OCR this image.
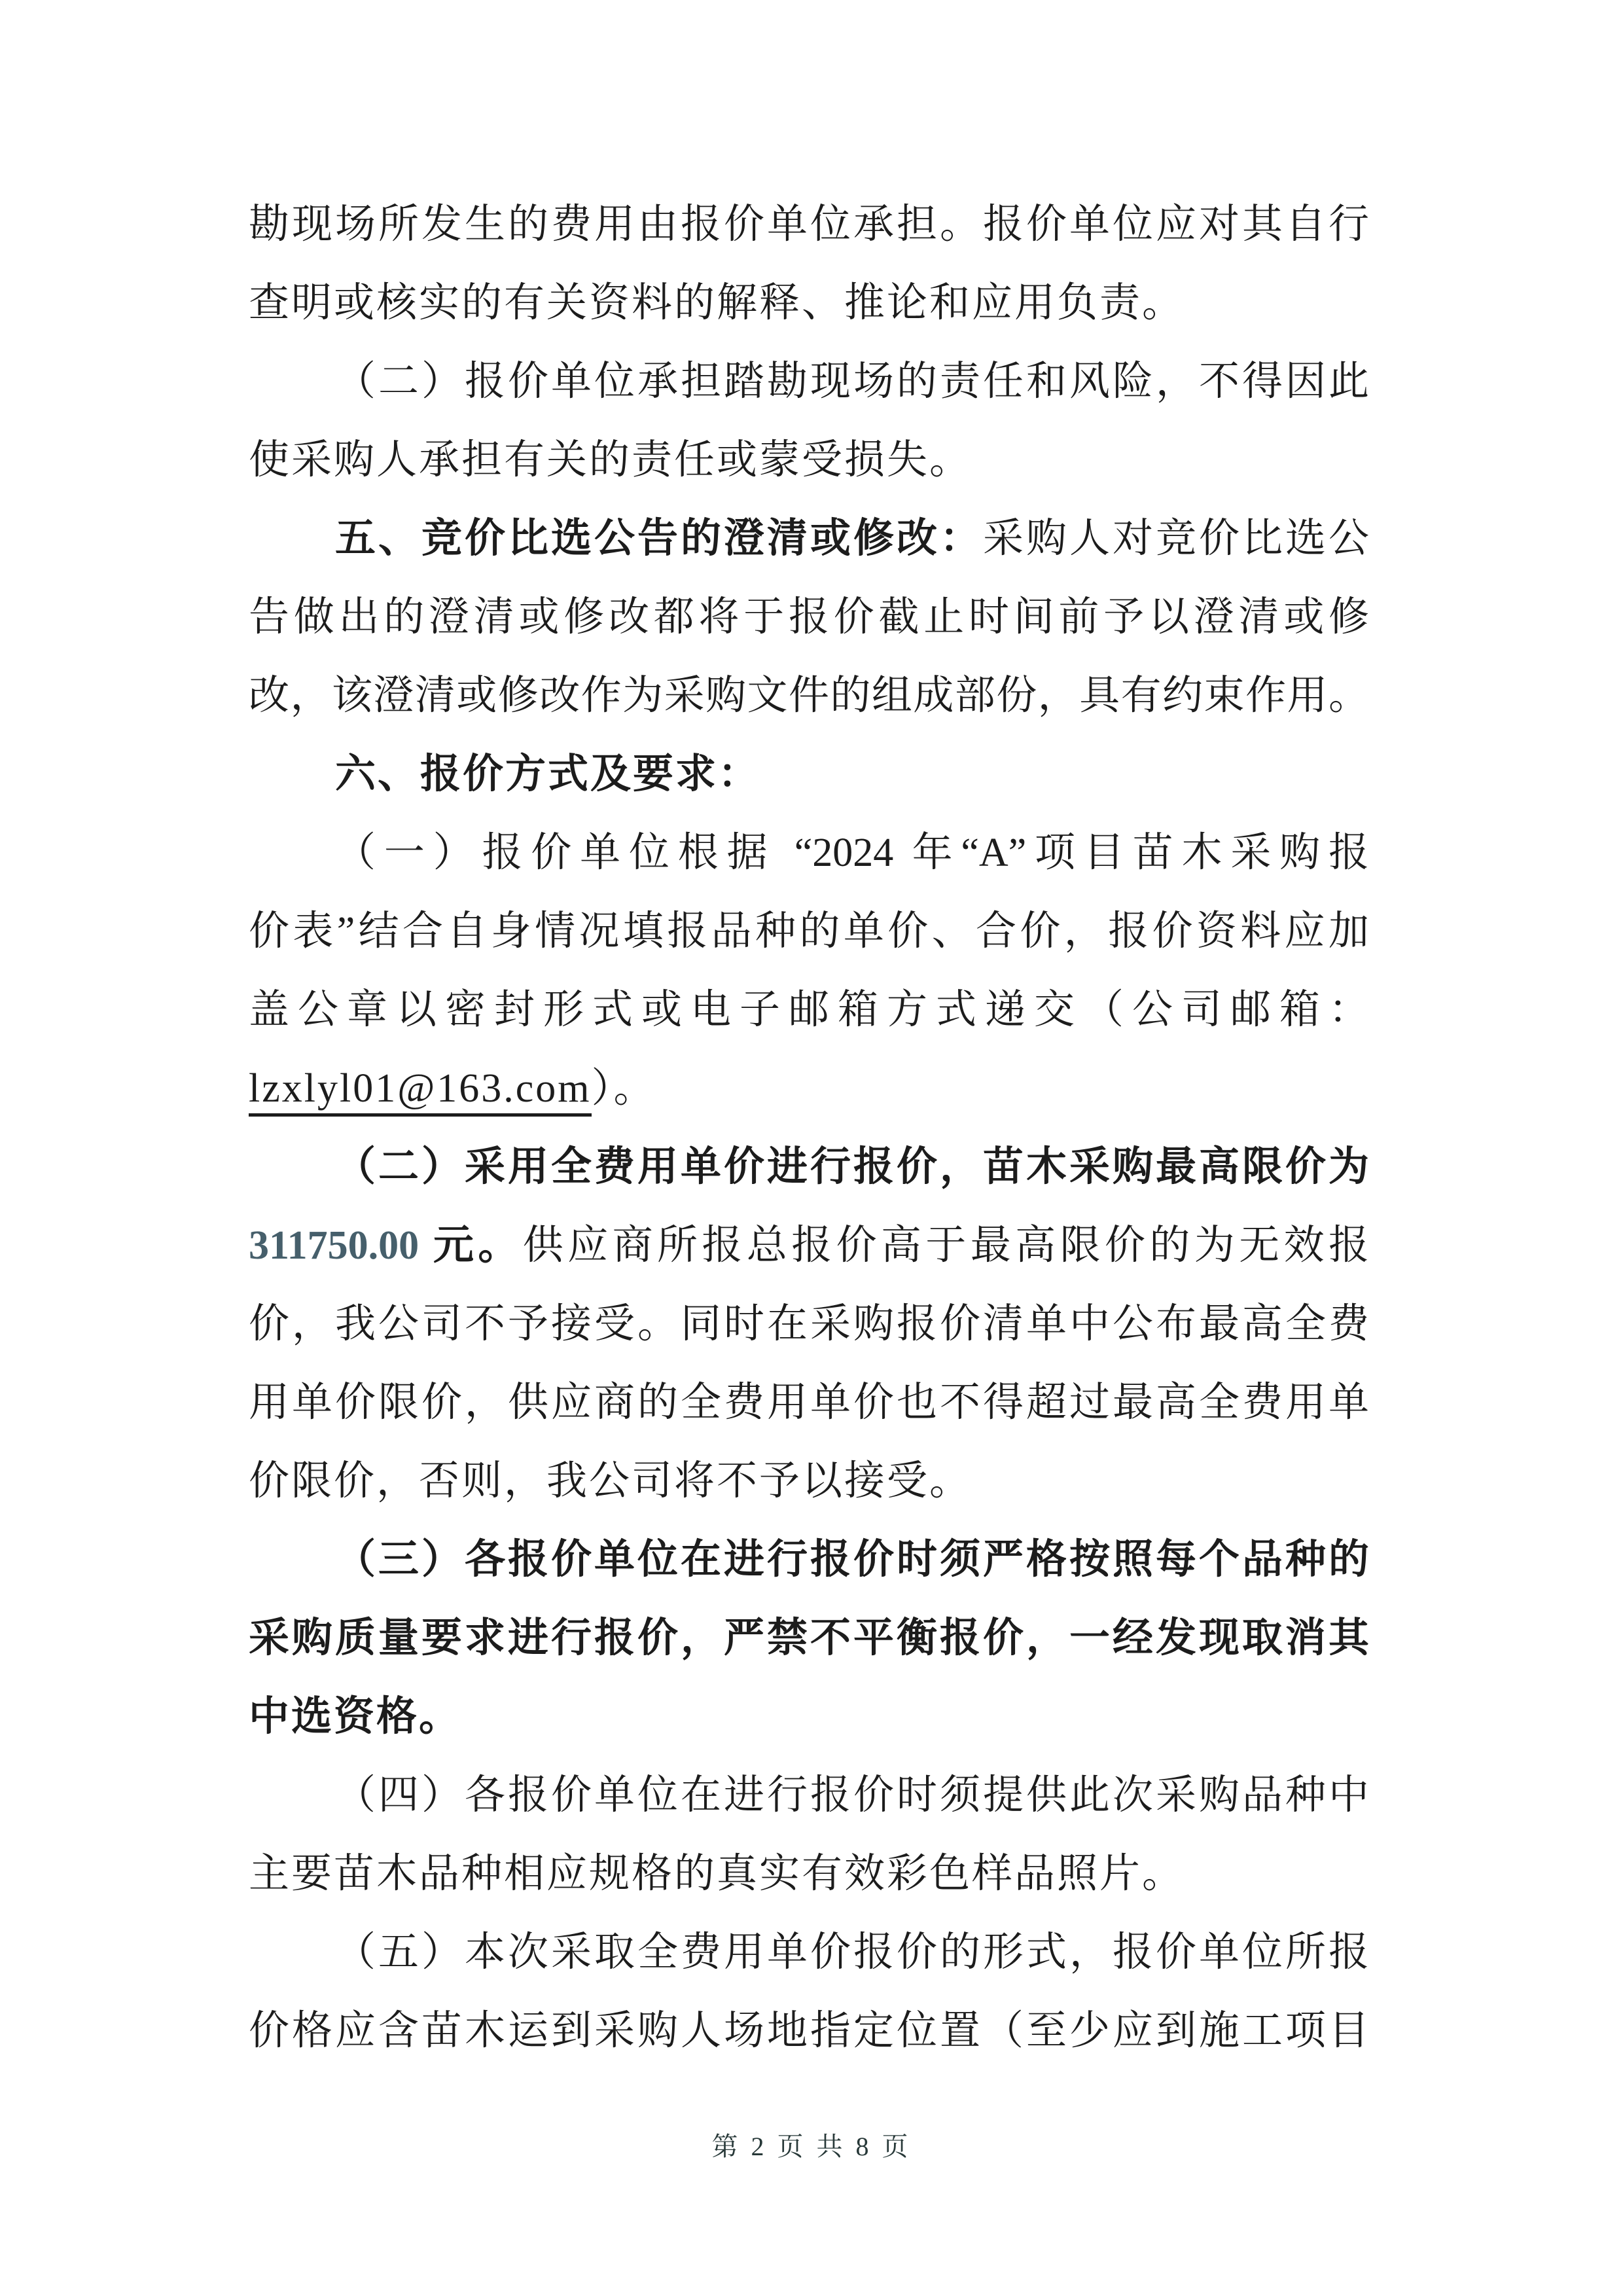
勘现场所发生的费用由报价单位承担。报价单位应对其自行
查明或核实的有关资料的解释、推论和应用负责。
（二）报价单位承担踏勘现场的责任和风险，不得因此
使采购人承担有关的责任或蒙受损失。
五、竞价比选公告的澄清或修改：采购人对竞价比选公
告做出的澄清或修改都将于报价截止时间前予以澄清或修
改，该澄清或修改作为采购文件的组成部份，具有约束作用。
六、报价方式及要求：
（一）报价单位根据 “2024 年“A”项目苗木采购报
价表”结合自身情况填报品种的单价、合价，报价资料应加
盖公章以密封形式或电子邮箱方式递交（公司邮箱：
lzxlyl01@163.com）。
（二）采用全费用单价进行报价，苗木采购最高限价为
311750.00 元。供应商所报总报价高于最高限价的为无效报
价，我公司不予接受。同时在采购报价清单中公布最高全费
用单价限价，供应商的全费用单价也不得超过最高全费用单
价限价，否则，我公司将不予以接受。
（三）各报价单位在进行报价时须严格按照每个品种的
采购质量要求进行报价，严禁不平衡报价，一经发现取消其
中选资格。
（四）各报价单位在进行报价时须提供此次采购品种中
主要苗木品种相应规格的真实有效彩色样品照片。
（五）本次采取全费用单价报价的形式，报价单位所报
价格应含苗木运到采购人场地指定位置（至少应到施工项目
第 2 页 共 8 页
